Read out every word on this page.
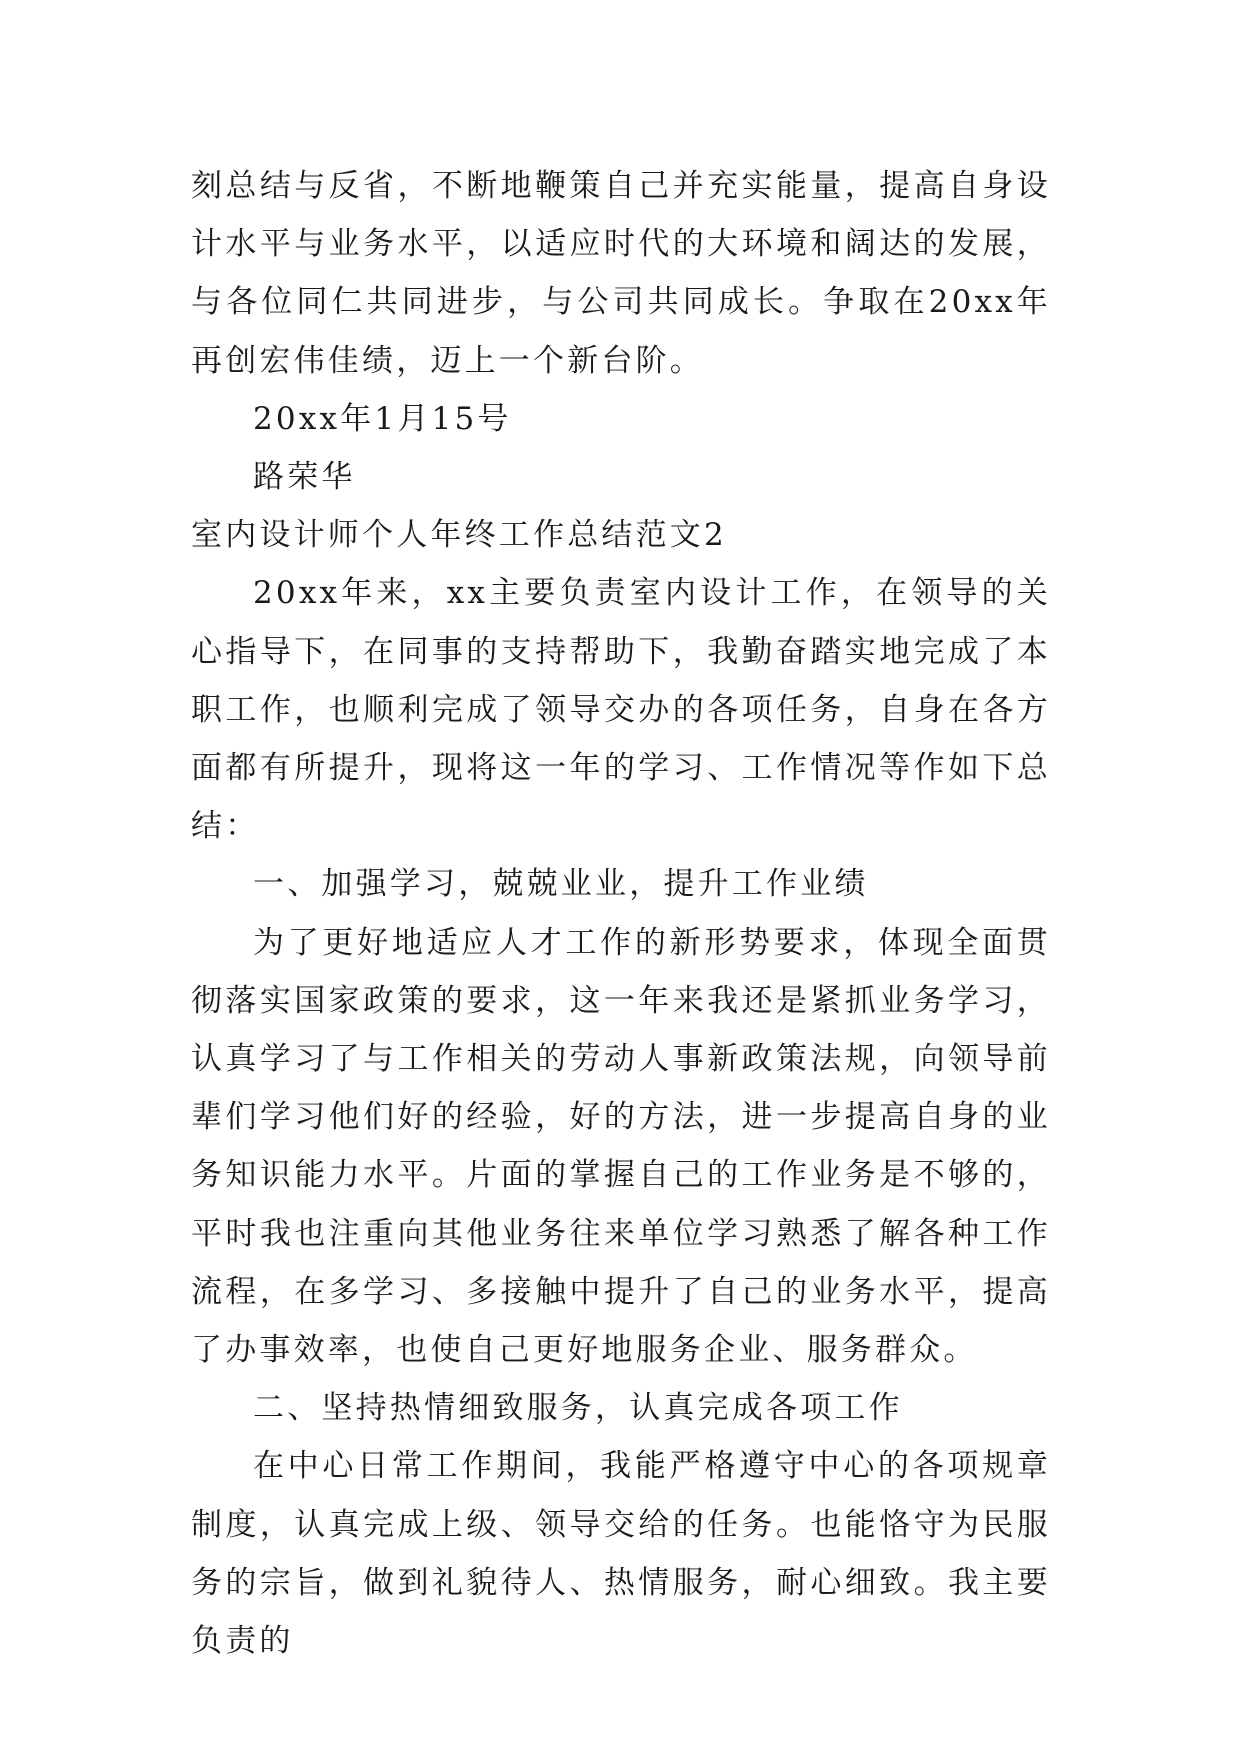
刻总结与反省，不断地鞭策自己并充实能量，提高自身设计水平与业务水平，以适应时代的大环境和阔达的发展，与各位同仁共同进步，与公司共同成长。争取在20xx年再创宏伟佳绩，迈上一个新台阶。

20xx年1月15号

路荣华

室内设计师个人年终工作总结范文2

20xx年来，xx主要负责室内设计工作，在领导的关心指导下，在同事的支持帮助下，我勤奋踏实地完成了本职工作，也顺利完成了领导交办的各项任务，自身在各方面都有所提升，现将这一年的学习、工作情况等作如下总结：

一、加强学习，兢兢业业，提升工作业绩

为了更好地适应人才工作的新形势要求，体现全面贯彻落实国家政策的要求，这一年来我还是紧抓业务学习，认真学习了与工作相关的劳动人事新政策法规，向领导前辈们学习他们好的经验，好的方法，进一步提高自身的业务知识能力水平。片面的掌握自己的工作业务是不够的，平时我也注重向其他业务往来单位学习熟悉了解各种工作流程，在多学习、多接触中提升了自己的业务水平，提高了办事效率，也使自己更好地服务企业、服务群众。

二、坚持热情细致服务，认真完成各项工作

在中心日常工作期间，我能严格遵守中心的各项规章制度，认真完成上级、领导交给的任务。也能恪守为民服务的宗旨，做到礼貌待人、热情服务，耐心细致。我主要负责的
